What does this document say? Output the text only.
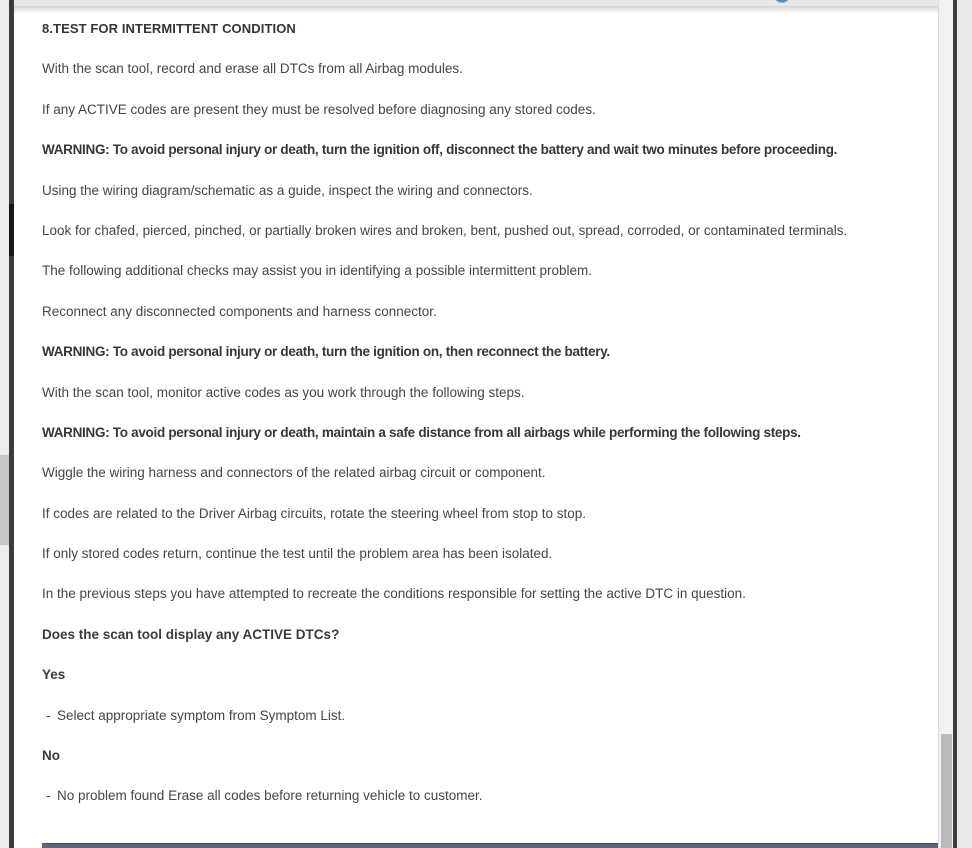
8.TEST FOR INTERMITTENT CONDITION

With the scan tool, record and erase all DTCs from all Airbag modules.

If any ACTIVE codes are present they must be resolved before diagnosing any stored codes.

WARNING: To avoid personal injury or death, turn the ignition off, disconnect the battery and wait two minutes before proceeding.

Using the wiring diagram/schematic as a guide, inspect the wiring and connectors.

Look for chafed, pierced, pinched, or partially broken wires and broken, bent, pushed out, spread, corroded, or contaminated terminals.

The following additional checks may assist you in identifying a possible intermittent problem.

Reconnect any disconnected components and harness connector.

WARNING: To avoid personal injury or death, turn the ignition on, then reconnect the battery.

With the scan tool, monitor active codes as you work through the following steps.

WARNING: To avoid personal injury or death, maintain a safe distance from all airbags while performing the following steps.

Wiggle the wiring harness and connectors of the related airbag circuit or component.

If codes are related to the Driver Airbag circuits, rotate the steering wheel from stop to stop.

If only stored codes return, continue the test until the problem area has been isolated.

In the previous steps you have attempted to recreate the conditions responsible for setting the active DTC in question.

Does the scan tool display any ACTIVE DTCs?

Yes

- Select appropriate symptom from Symptom List.

No

- No problem found Erase all codes before returning vehicle to customer.
